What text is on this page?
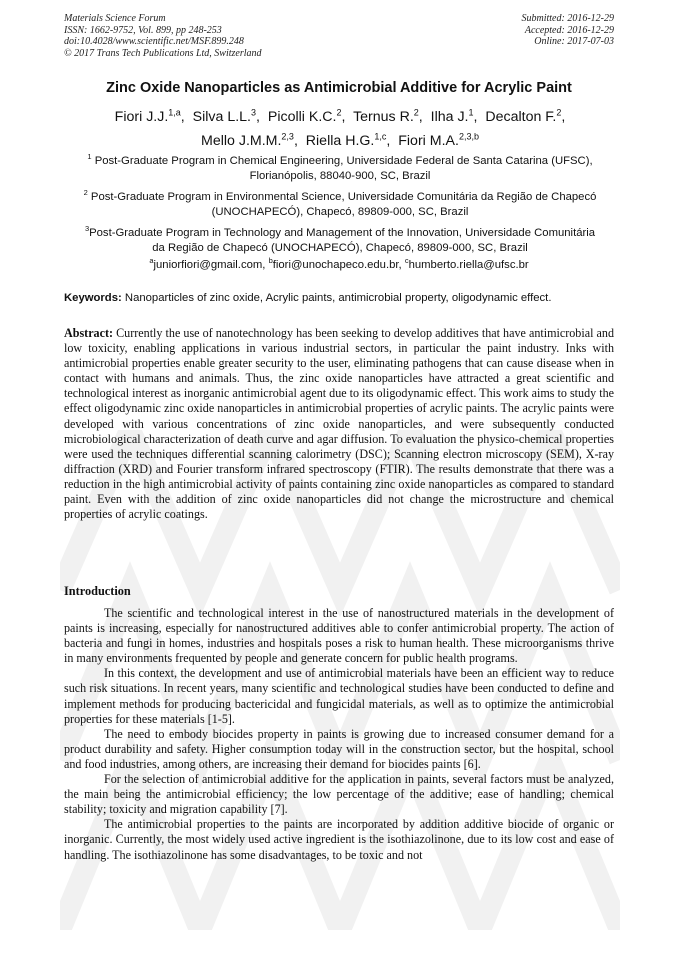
Materials Science Forum
ISSN: 1662-9752, Vol. 899, pp 248-253
doi:10.4028/www.scientific.net/MSF.899.248
© 2017 Trans Tech Publications Ltd, Switzerland
Submitted: 2016-12-29
Accepted: 2016-12-29
Online: 2017-07-03
Zinc Oxide Nanoparticles as Antimicrobial Additive for Acrylic Paint
Fiori J.J.$^{1,a}$, Silva L.L.$^3$, Picolli K.C.$^2$, Ternus R.$^2$, Ilha J.$^1$, Decalton F.$^2$,
Mello J.M.M.$^{2,3}$, Riella H.G.$^{1,c}$, Fiori M.A.$^{2,3,b}$
$^1$ Post-Graduate Program in Chemical Engineering, Universidade Federal de Santa Catarina (UFSC), Florianópolis, 88040-900, SC, Brazil
$^2$ Post-Graduate Program in Environmental Science, Universidade Comunitária da Região de Chapecó (UNOCHAPECÓ), Chapecó, 89809-000, SC, Brazil
$^3$Post-Graduate Program in Technology and Management of the Innovation, Universidade Comunitária da Região de Chapecó (UNOCHAPECÓ), Chapecó, 89809-000, SC, Brazil
$^a$juniorfiori@gmail.com, $^b$fiori@unochapeco.edu.br, $^c$humberto.riella@ufsc.br
Keywords: Nanoparticles of zinc oxide, Acrylic paints, antimicrobial property, oligodynamic effect.
Abstract: Currently the use of nanotechnology has been seeking to develop additives that have antimicrobial and low toxicity, enabling applications in various industrial sectors, in particular the paint industry. Inks with antimicrobial properties enable greater security to the user, eliminating pathogens that can cause disease when in contact with humans and animals. Thus, the zinc oxide nanoparticles have attracted a great scientific and technological interest as inorganic antimicrobial agent due to its oligodynamic effect. This work aims to study the effect oligodynamic zinc oxide nanoparticles in antimicrobial properties of acrylic paints. The acrylic paints were developed with various concentrations of zinc oxide nanoparticles, and were subsequently conducted microbiological characterization of death curve and agar diffusion. To evaluation the physico-chemical properties were used the techniques differential scanning calorimetry (DSC); Scanning electron microscopy (SEM), X-ray diffraction (XRD) and Fourier transform infrared spectroscopy (FTIR). The results demonstrate that there was a reduction in the high antimicrobial activity of paints containing zinc oxide nanoparticles as compared to standard paint. Even with the addition of zinc oxide nanoparticles did not change the microstructure and chemical properties of acrylic coatings.
Introduction

The scientific and technological interest in the use of nanostructured materials in the development of paints is increasing, especially for nanostructured additives able to confer antimicrobial property. The action of bacteria and fungi in homes, industries and hospitals poses a risk to human health. These microorganisms thrive in many environments frequented by people and generate concern for public health programs.

In this context, the development and use of antimicrobial materials have been an efficient way to reduce such risk situations. In recent years, many scientific and technological studies have been conducted to define and implement methods for producing bactericidal and fungicidal materials, as well as to optimize the antimicrobial properties for these materials [1-5].

The need to embody biocides property in paints is growing due to increased consumer demand for a product durability and safety. Higher consumption today will in the construction sector, but the hospital, school and food industries, among others, are increasing their demand for biocides paints [6].

For the selection of antimicrobial additive for the application in paints, several factors must be analyzed, the main being the antimicrobial efficiency; the low percentage of the additive; ease of handling; chemical stability; toxicity and migration capability [7].

The antimicrobial properties to the paints are incorporated by addition additive biocide of organic or inorganic. Currently, the most widely used active ingredient is the isothiazolinone, due to its low cost and ease of handling. The isothiazolinone has some disadvantages, to be toxic and not
